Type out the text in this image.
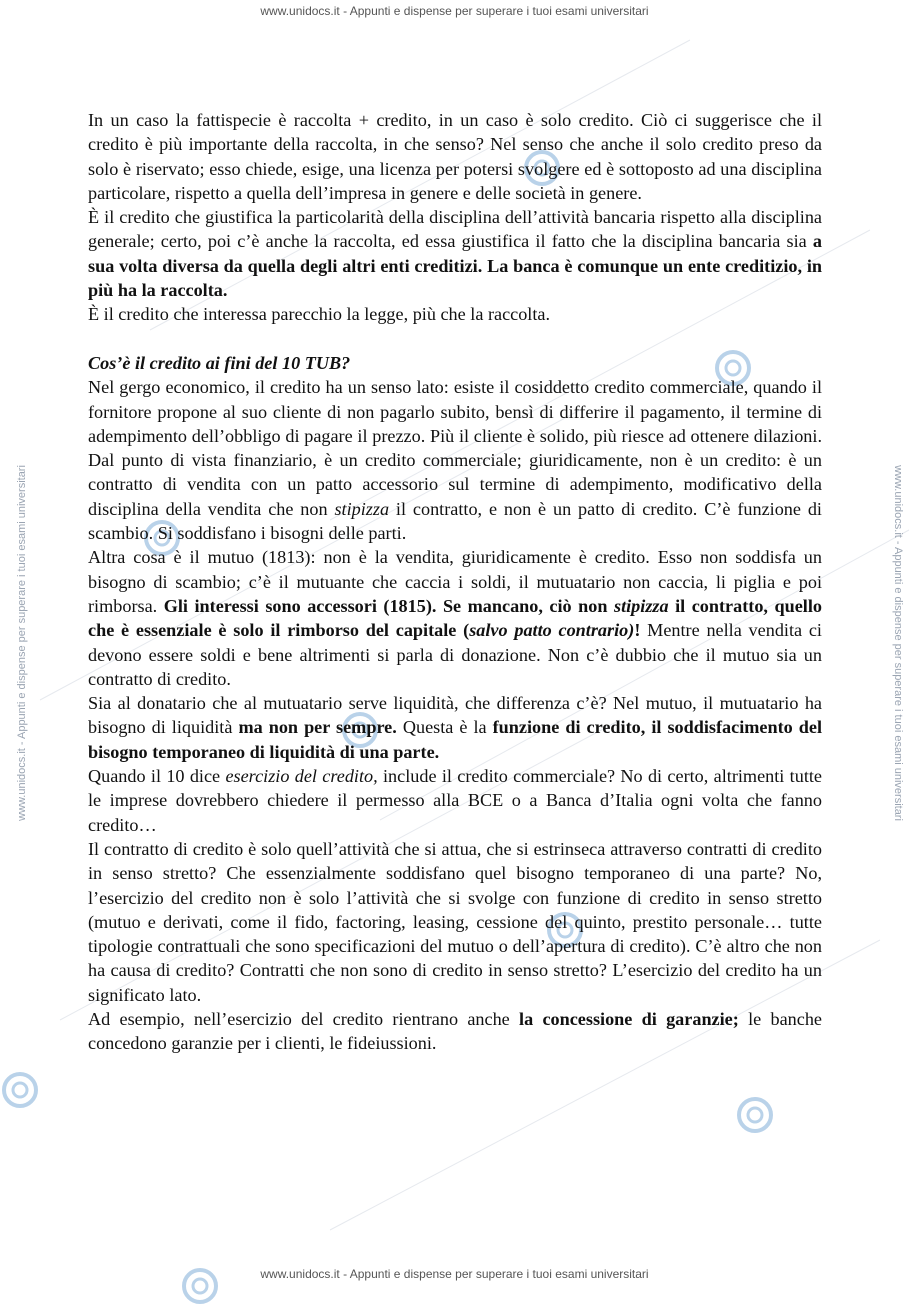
www.unidocs.it - Appunti e dispense per superare i tuoi esami universitari
www.unidocs.it - Appunti e dispense per superare i tuoi esami universitari
www.unidocs.it - Appunti e dispense per superare i tuoi esami universitari	www.unidocs.it - Appunti e dispense per superare i tuoi esami universitari

In un caso la fattispecie è raccolta + credito, in un caso è solo credito. Ciò ci suggerisce che il credito è più importante della raccolta, in che senso? Nel senso che anche il solo credito preso da solo è riservato; esso chiede, esige, una licenza per potersi svolgere ed è sottoposto ad una disciplina particolare, rispetto a quella dell’impresa in genere e delle società in genere.

È il credito che giustifica la particolarità della disciplina dell’attività bancaria rispetto alla disciplina generale; certo, poi c’è anche la raccolta, ed essa giustifica il fatto che la disciplina bancaria sia a sua volta diversa da quella degli altri enti creditizi. La banca è comunque un ente creditizio, in più ha la raccolta.

È il credito che interessa parecchio la legge, più che la raccolta.

Cos’è il credito ai fini del 10 TUB?

Nel gergo economico, il credito ha un senso lato: esiste il cosiddetto credito commerciale, quando il fornitore propone al suo cliente di non pagarlo subito, bensì di differire il pagamento, il termine di adempimento dell’obbligo di pagare il prezzo. Più il cliente è solido, più riesce ad ottenere dilazioni. Dal punto di vista finanziario, è un credito commerciale; giuridicamente, non è un credito: è un contratto di vendita con un patto accessorio sul termine di adempimento, modificativo della disciplina della vendita che non stipizza il contratto, e non è un patto di credito. C’è funzione di scambio. Si soddisfano i bisogni delle parti.

Altra cosa è il mutuo (1813): non è la vendita, giuridicamente è credito. Esso non soddisfa un bisogno di scambio; c’è il mutuante che caccia i soldi, il mutuatario non caccia, li piglia e poi rimborsa. Gli interessi sono accessori (1815). Se mancano, ciò non stipizza il contratto, quello che è essenziale è solo il rimborso del capitale (salvo patto contrario)! Mentre nella vendita ci devono essere soldi e bene altrimenti si parla di donazione. Non c’è dubbio che il mutuo sia un contratto di credito.

Sia al donatario che al mutuatario serve liquidità, che differenza c’è? Nel mutuo, il mutuatario ha bisogno di liquidità ma non per sempre. Questa è la funzione di credito, il soddisfacimento del bisogno temporaneo di liquidità di una parte.

Quando il 10 dice esercizio del credito, include il credito commerciale? No di certo, altrimenti tutte le imprese dovrebbero chiedere il permesso alla BCE o a Banca d’Italia ogni volta che fanno credito…

Il contratto di credito è solo quell’attività che si attua, che si estrinseca attraverso contratti di credito in senso stretto? Che essenzialmente soddisfano quel bisogno temporaneo di una parte? No, l’esercizio del credito non è solo l’attività che si svolge con funzione di credito in senso stretto (mutuo e derivati, come il fido, factoring, leasing, cessione del quinto, prestito personale… tutte tipologie contrattuali che sono specificazioni del mutuo o dell’apertura di credito). C’è altro che non ha causa di credito? Contratti che non sono di credito in senso stretto? L’esercizio del credito ha un significato lato.

Ad esempio, nell’esercizio del credito rientrano anche la concessione di garanzie; le banche concedono garanzie per i clienti, le fideiussioni.
